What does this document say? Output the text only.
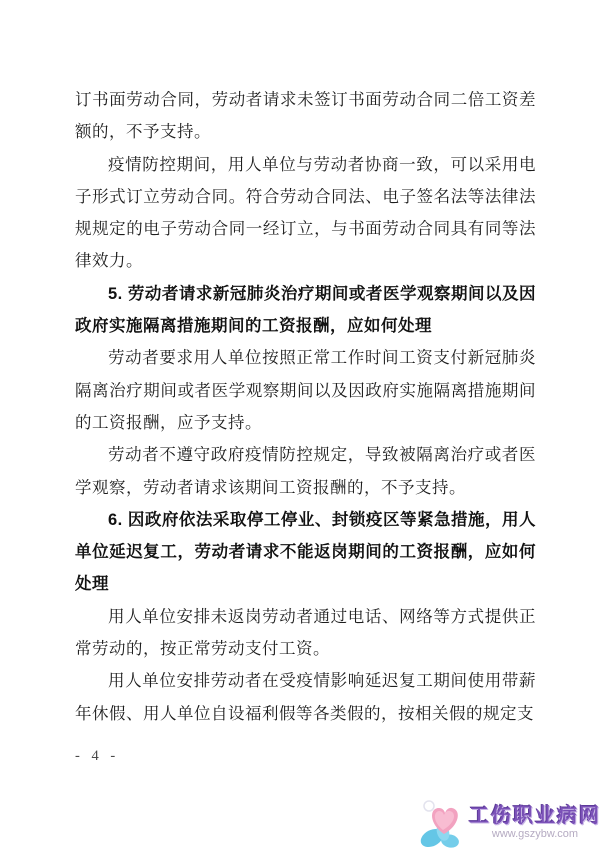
订书面劳动合同，劳动者请求未签订书面劳动合同二倍工资差额的，不予支持。

疫情防控期间，用人单位与劳动者协商一致，可以采用电子形式订立劳动合同。符合劳动合同法、电子签名法等法律法规规定的电子劳动合同一经订立，与书面劳动合同具有同等法律效力。

5. 劳动者请求新冠肺炎治疗期间或者医学观察期间以及因政府实施隔离措施期间的工资报酬，应如何处理

劳动者要求用人单位按照正常工作时间工资支付新冠肺炎隔离治疗期间或者医学观察期间以及因政府实施隔离措施期间的工资报酬，应予支持。

劳动者不遵守政府疫情防控规定，导致被隔离治疗或者医学观察，劳动者请求该期间工资报酬的，不予支持。

6. 因政府依法采取停工停业、封锁疫区等紧急措施，用人单位延迟复工，劳动者请求不能返岗期间的工资报酬，应如何处理

用人单位安排未返岗劳动者通过电话、网络等方式提供正常劳动的，按正常劳动支付工资。

用人单位安排劳动者在受疫情影响延迟复工期间使用带薪年休假、用人单位自设福利假等各类假的，按相关假的规定支

- 4 -
工伤职业病网
www.gszybw.com
